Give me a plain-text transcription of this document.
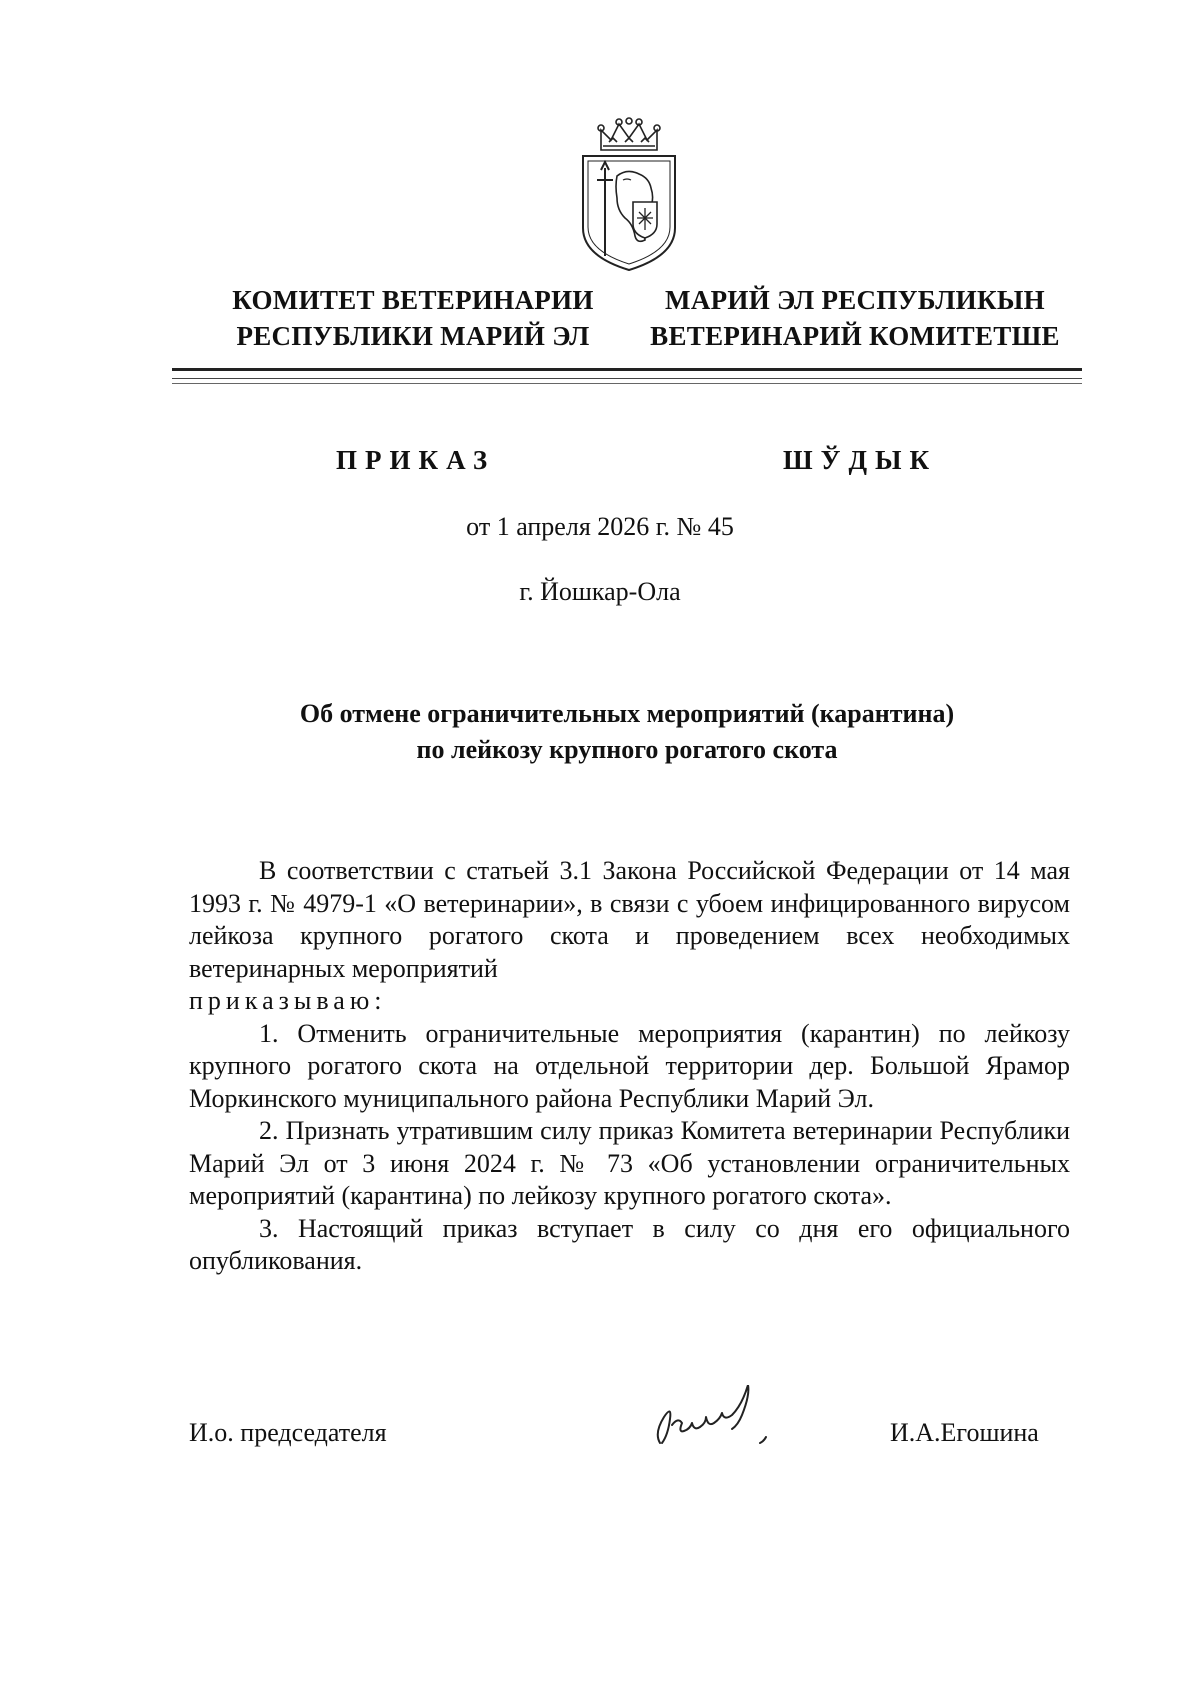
КОМИТЕТ ВЕТЕРИНАРИИ
РЕСПУБЛИКИ МАРИЙ ЭЛ
МАРИЙ ЭЛ РЕСПУБЛИКЫН
ВЕТЕРИНАРИЙ КОМИТЕТШЕ
ПРИКАЗ	ШЎДЫК
от 1 апреля 2026 г. № 45
г. Йошкар-Ола
Об отмене ограничительных мероприятий (карантина)
по лейкозу крупного рогатого скота

В соответствии с статьей 3.1 Закона Российской Федерации от 14 мая 1993 г. № 4979-1 «О ветеринарии», в связи с убоем инфицированного вирусом лейкоза крупного рогатого скота и проведением всех необходимых ветеринарных мероприятий

приказываю:

1. Отменить ограничительные мероприятия (карантин) по лейкозу крупного рогатого скота на отдельной территории дер. Большой Ярамор Моркинского муниципального района Республики Марий Эл.

2. Признать утратившим силу приказ Комитета ветеринарии Республики Марий Эл от 3 июня 2024 г. № 73 «Об установлении ограничительных мероприятий (карантина) по лейкозу крупного рогатого скота».

3. Настоящий приказ вступает в силу со дня его официального опубликования.

И.о. председателя	И.А.Егошина
